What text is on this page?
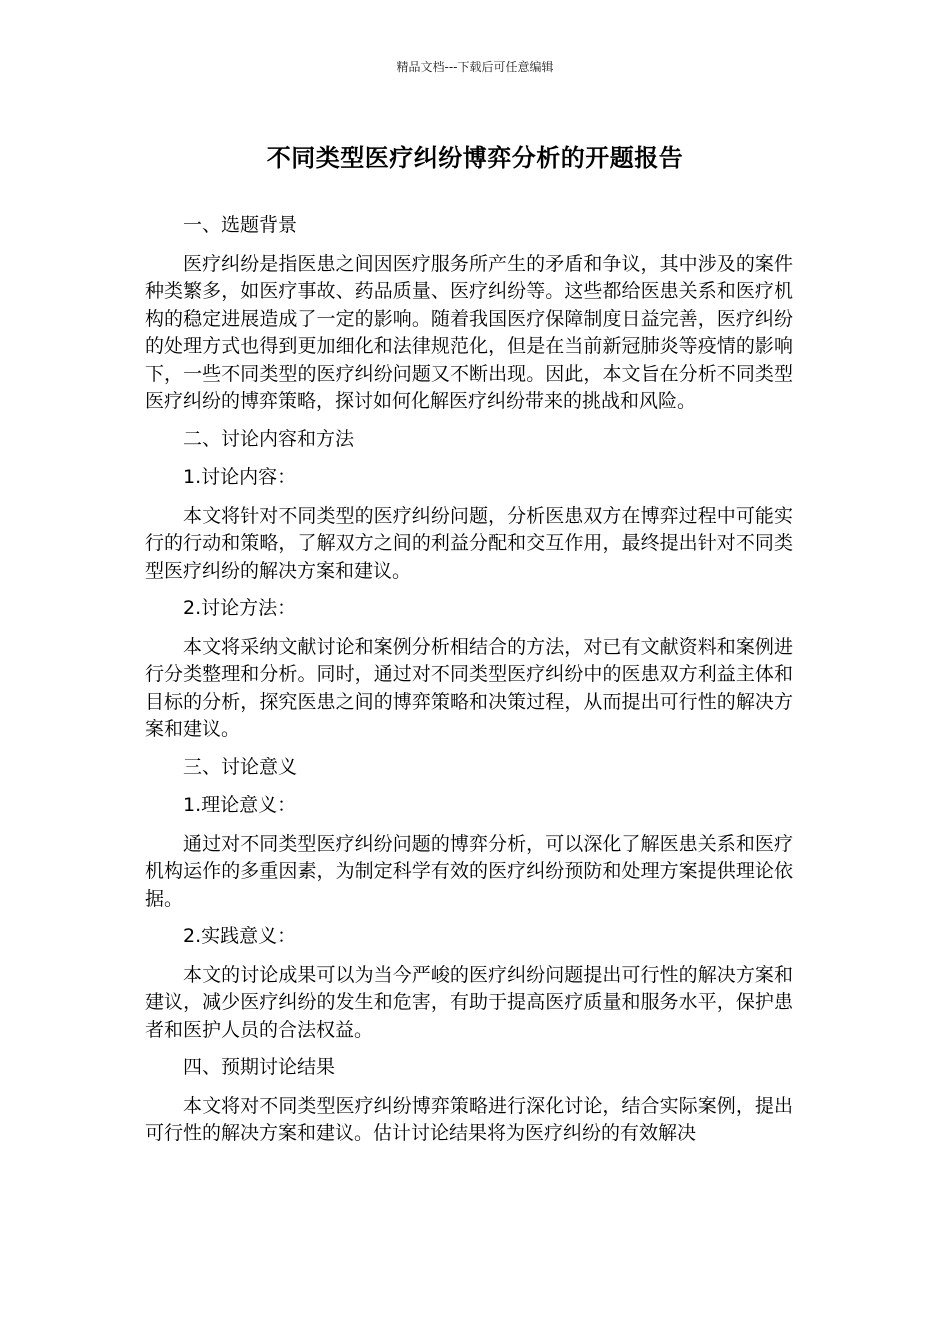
精品文档---下载后可任意编辑
不同类型医疗纠纷博弈分析的开题报告

一、选题背景

医疗纠纷是指医患之间因医疗服务所产生的矛盾和争议，其中涉及的案件种类繁多，如医疗事故、药品质量、医疗纠纷等。这些都给医患关系和医疗机构的稳定进展造成了一定的影响。随着我国医疗保障制度日益完善，医疗纠纷的处理方式也得到更加细化和法律规范化，但是在当前新冠肺炎等疫情的影响下，一些不同类型的医疗纠纷问题又不断出现。因此，本文旨在分析不同类型医疗纠纷的博弈策略，探讨如何化解医疗纠纷带来的挑战和风险。

二、讨论内容和方法

1.讨论内容：

本文将针对不同类型的医疗纠纷问题，分析医患双方在博弈过程中可能实行的行动和策略，了解双方之间的利益分配和交互作用，最终提出针对不同类型医疗纠纷的解决方案和建议。

2.讨论方法：

本文将采纳文献讨论和案例分析相结合的方法，对已有文献资料和案例进行分类整理和分析。同时，通过对不同类型医疗纠纷中的医患双方利益主体和目标的分析，探究医患之间的博弈策略和决策过程，从而提出可行性的解决方案和建议。

三、讨论意义

1.理论意义：

通过对不同类型医疗纠纷问题的博弈分析，可以深化了解医患关系和医疗机构运作的多重因素，为制定科学有效的医疗纠纷预防和处理方案提供理论依据。

2.实践意义：

本文的讨论成果可以为当今严峻的医疗纠纷问题提出可行性的解决方案和建议，减少医疗纠纷的发生和危害，有助于提高医疗质量和服务水平，保护患者和医护人员的合法权益。

四、预期讨论结果

本文将对不同类型医疗纠纷博弈策略进行深化讨论，结合实际案例，提出可行性的解决方案和建议。估计讨论结果将为医疗纠纷的有效解决
